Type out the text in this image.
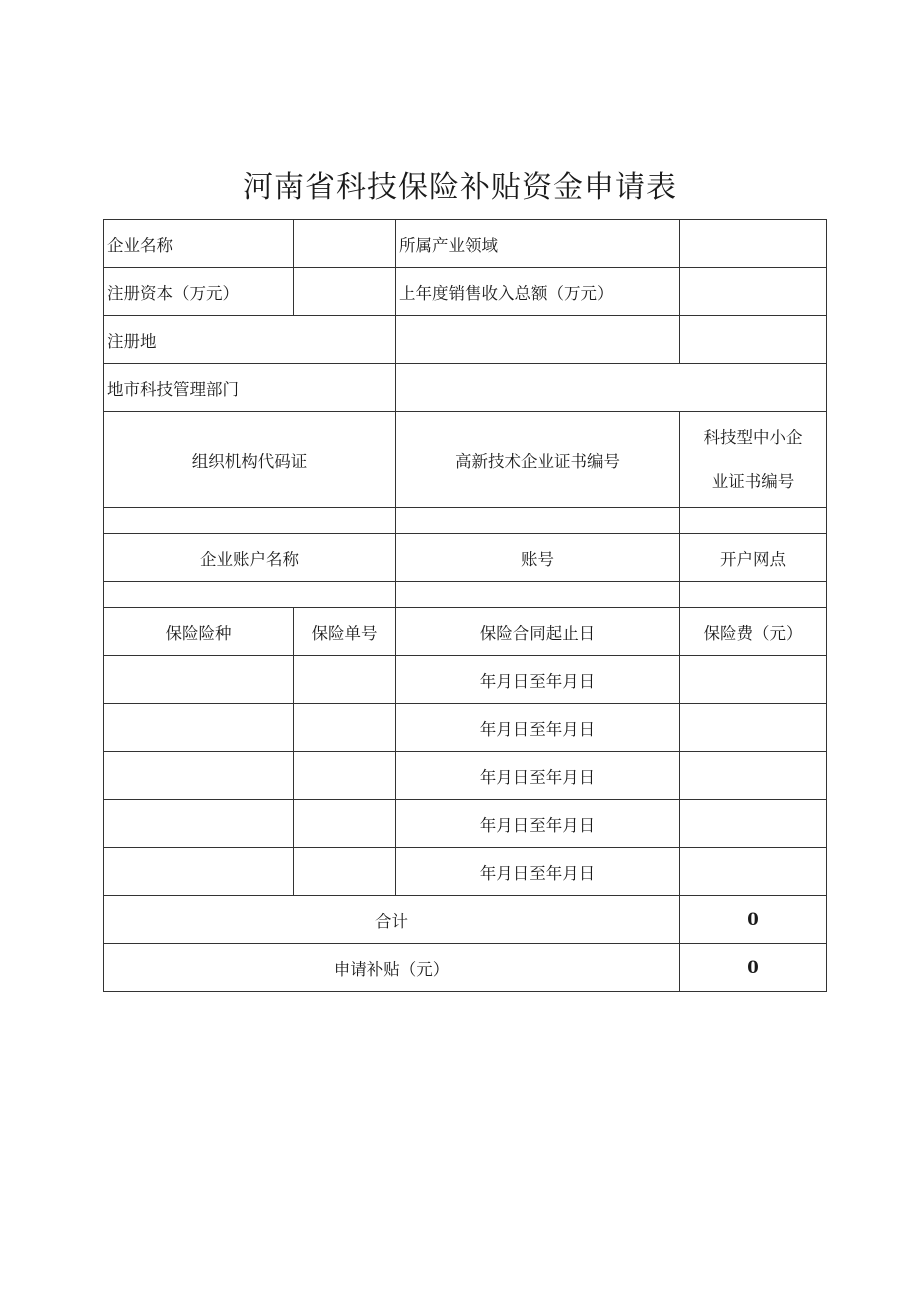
河南省科技保险补贴资金申请表
企业名称		所属产业领域	
注册资本（万元）		上年度销售收入总额（万元）	
注册地			
地市科技管理部门			
组织机构代码证		高新技术企业证书编号	科技型中小企
业证书编号

企业账户名称		账号	开户网点

保险险种	保险单号	保险合同起止日	保险费（元）
		年月日至年月日	
		年月日至年月日	
		年月日至年月日	
		年月日至年月日	
		年月日至年月日	
合计			0
申请补贴（元）			0
